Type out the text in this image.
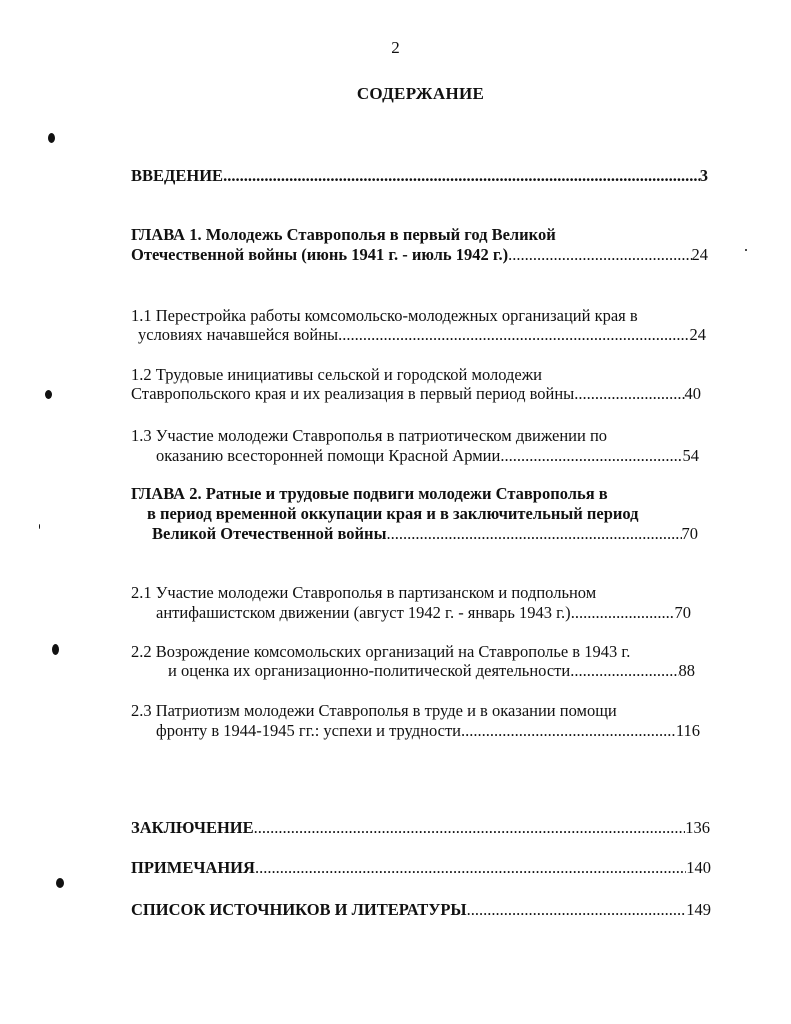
2
СОДЕРЖАНИЕ
ВВЕДЕНИЕ .....	3
ГЛАВА 1. Молодежь Ставрополья в первый год Великой
Отечественной войны (июнь 1941 г. - июль 1942 г.) .....	24
1.1 Перестройка работы комсомольско-молодежных организаций края в
условиях начавшейся войны .....	24
1.2 Трудовые инициативы сельской и городской молодежи
Ставропольского края и их реализация в первый период войны .....	40
1.3 Участие молодежи Ставрополья в патриотическом движении по
оказанию всесторонней помощи Красной Армии .....	54
ГЛАВА 2. Ратные и трудовые подвиги молодежи Ставрополья в
в период временной оккупации края и в заключительный период
Великой Отечественной войны .....	70
2.1 Участие молодежи Ставрополья в партизанском и подпольном
антифашистском движении (август 1942 г. - январь 1943 г.) .....	70
2.2 Возрождение комсомольских организаций на Ставрополье в 1943 г.
и оценка их организационно-политической деятельности .....	88
2.3 Патриотизм молодежи Ставрополья в труде и в оказании помощи
фронту в 1944-1945 гг.: успехи и трудности .....	116
ЗАКЛЮЧЕНИЕ .....	136
ПРИМЕЧАНИЯ .....	140
СПИСОК ИСТОЧНИКОВ И ЛИТЕРАТУРЫ .....	149
